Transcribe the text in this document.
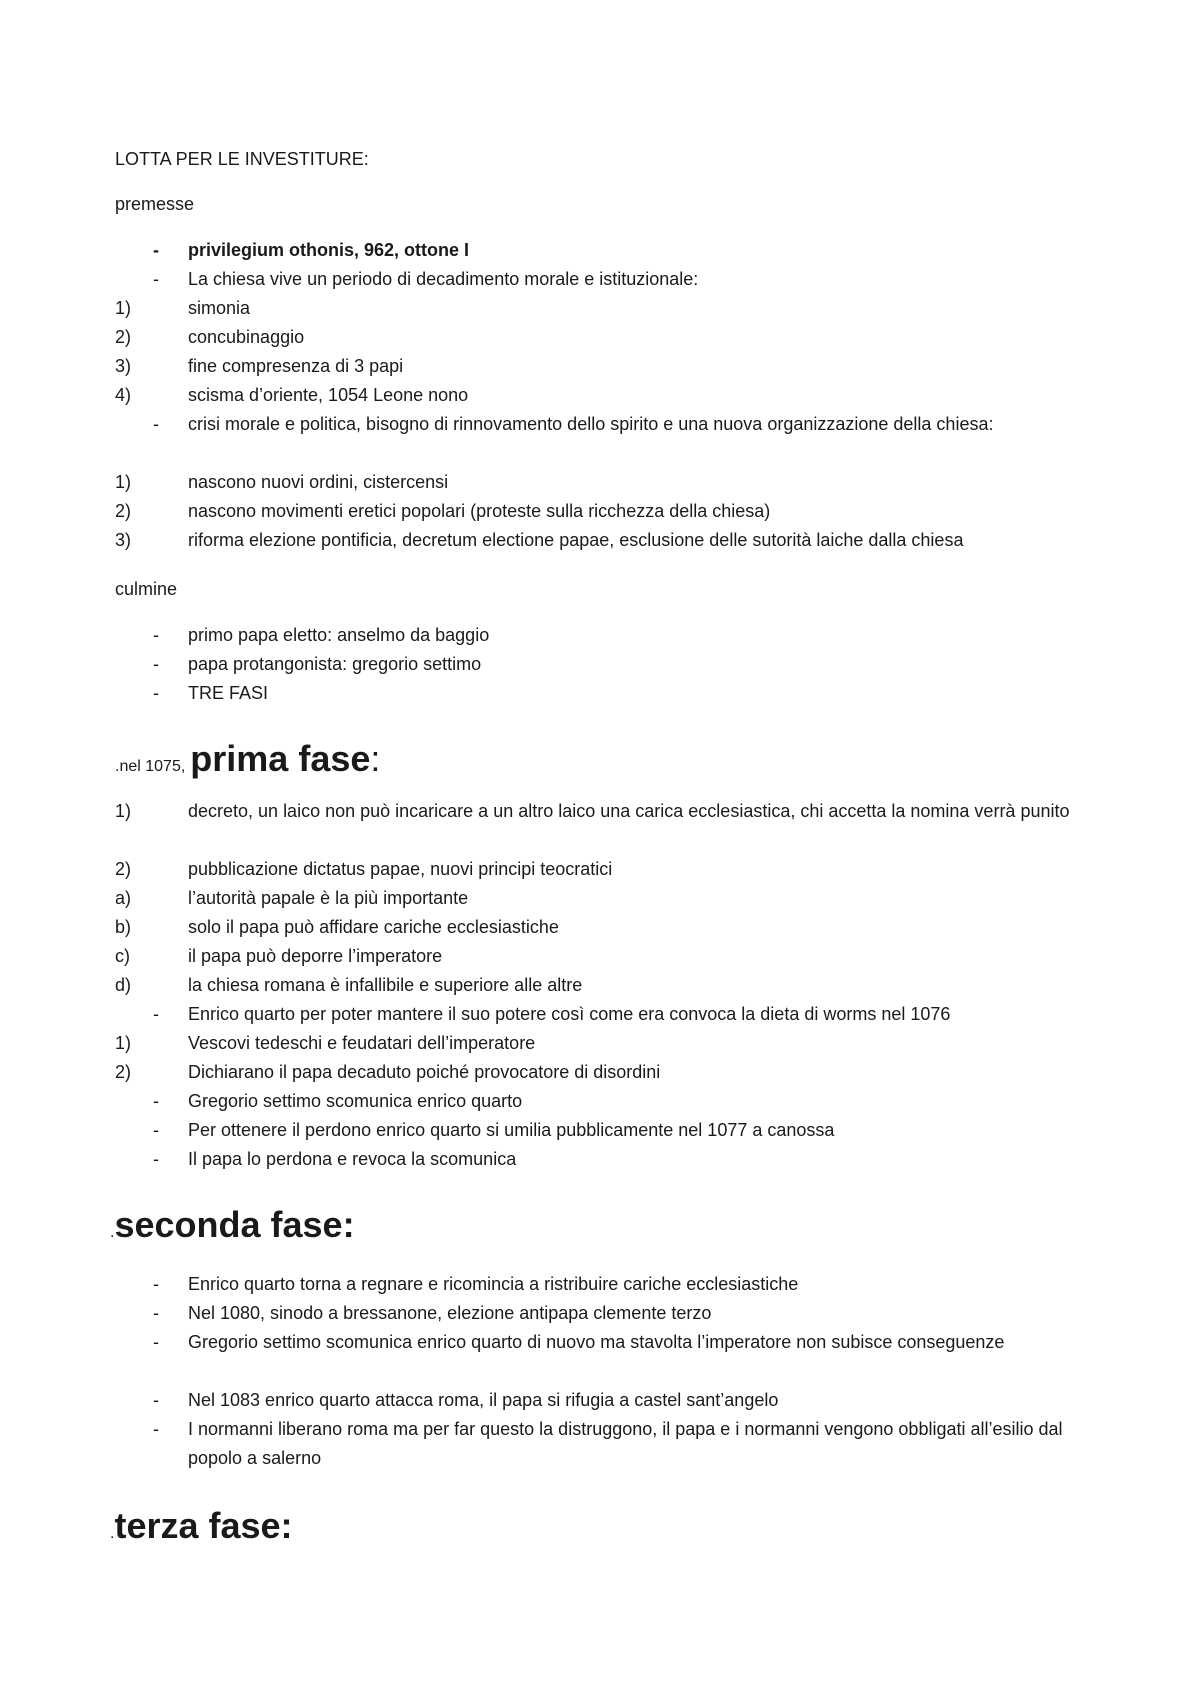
LOTTA PER LE INVESTITURE:
premesse
-	privilegium othonis, 962, ottone I
-	La chiesa vive un periodo di decadimento morale e istituzionale:
1)	simonia
2)	concubinaggio
3)	fine compresenza di 3 papi
4)	scisma d’oriente, 1054 Leone nono
-	crisi morale e politica, bisogno di rinnovamento dello spirito e una nuova organizzazione della chiesa:
1)	nascono nuovi ordini, cistercensi
2)	nascono movimenti eretici popolari (proteste sulla ricchezza della chiesa)
3)	riforma elezione pontificia, decretum electione papae, esclusione delle sutorità laiche dalla chiesa
culmine
-	primo papa eletto: anselmo da baggio
-	papa protangonista: gregorio settimo
-	TRE FASI
.nel 1075, prima fase:
1)	decreto, un laico non può incaricare a un altro laico una carica ecclesiastica, chi accetta la nomina verrà punito
2)	pubblicazione dictatus papae, nuovi principi teocratici
a)	l’autorità papale è la più importante
b)	solo il papa può affidare cariche ecclesiastiche
c)	il papa può deporre l’imperatore
d)	la chiesa romana è infallibile e superiore alle altre
-	Enrico quarto per poter mantere il suo potere così come era convoca la dieta di worms nel 1076
1)	Vescovi tedeschi e feudatari dell’imperatore
2)	Dichiarano il papa decaduto poiché provocatore di disordini
-	Gregorio settimo scomunica enrico quarto
-	Per ottenere il perdono enrico quarto si umilia pubblicamente nel 1077 a canossa
-	Il papa lo perdona e revoca la scomunica
.seconda fase:
-	Enrico quarto torna a regnare e ricomincia a ristribuire cariche ecclesiastiche
-	Nel 1080, sinodo a bressanone, elezione antipapa clemente terzo
-	Gregorio settimo scomunica enrico quarto di nuovo ma stavolta l’imperatore non subisce conseguenze
-	Nel 1083 enrico quarto attacca roma, il papa si rifugia a castel sant’angelo
-	I normanni liberano roma ma per far questo la distruggono, il papa e i normanni vengono obbligati all’esilio dal popolo a salerno
.terza fase:
